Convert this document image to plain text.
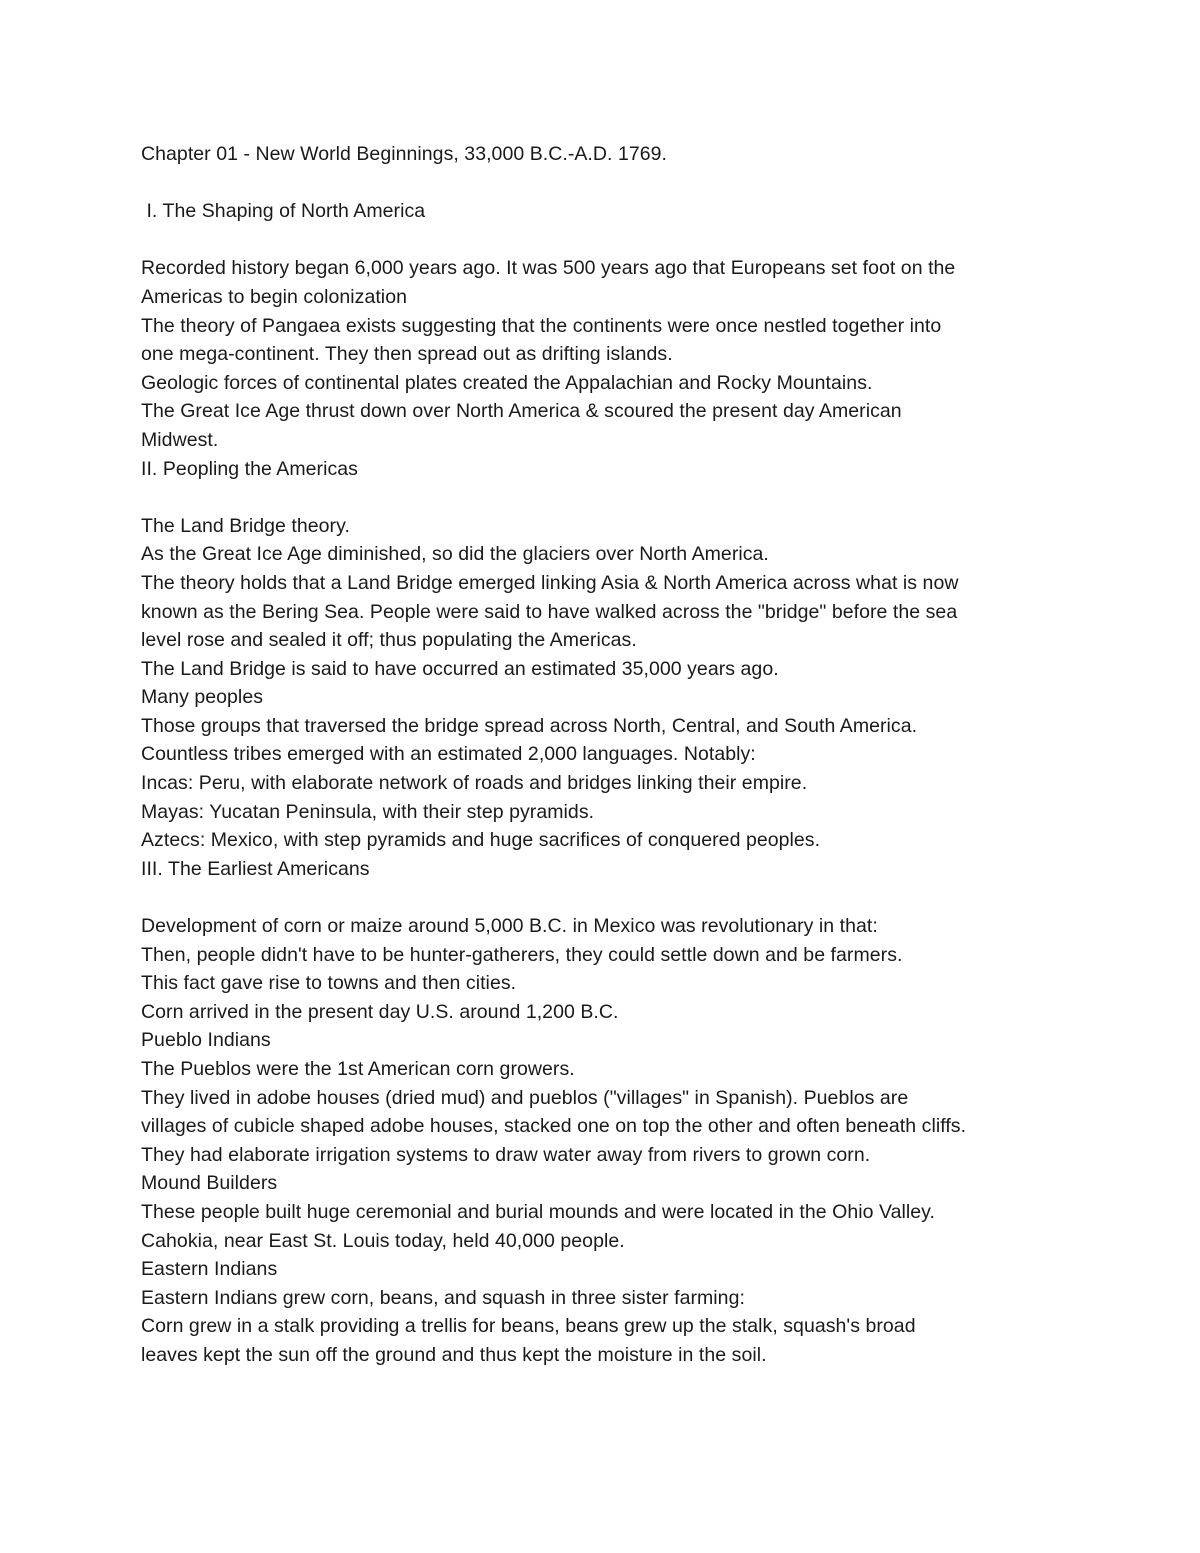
Chapter 01 - New World Beginnings, 33,000 B.C.-A.D. 1769.
I. The Shaping of North America
Recorded history began 6,000 years ago. It was 500 years ago that Europeans set foot on the
Americas to begin colonization
The theory of Pangaea exists suggesting that the continents were once nestled together into
one mega-continent. They then spread out as drifting islands.
Geologic forces of continental plates created the Appalachian and Rocky Mountains.
The Great Ice Age thrust down over North America & scoured the present day American
Midwest.
II. Peopling the Americas
The Land Bridge theory.
As the Great Ice Age diminished, so did the glaciers over North America.
The theory holds that a Land Bridge emerged linking Asia & North America across what is now
known as the Bering Sea. People were said to have walked across the "bridge" before the sea
level rose and sealed it off; thus populating the Americas.
The Land Bridge is said to have occurred an estimated 35,000 years ago.
Many peoples
Those groups that traversed the bridge spread across North, Central, and South America.
Countless tribes emerged with an estimated 2,000 languages. Notably:
Incas: Peru, with elaborate network of roads and bridges linking their empire.
Mayas: Yucatan Peninsula, with their step pyramids.
Aztecs: Mexico, with step pyramids and huge sacrifices of conquered peoples.
III. The Earliest Americans
Development of corn or maize around 5,000 B.C. in Mexico was revolutionary in that:
Then, people didn't have to be hunter-gatherers, they could settle down and be farmers.
This fact gave rise to towns and then cities.
Corn arrived in the present day U.S. around 1,200 B.C.
Pueblo Indians
The Pueblos were the 1st American corn growers.
They lived in adobe houses (dried mud) and pueblos ("villages" in Spanish). Pueblos are
villages of cubicle shaped adobe houses, stacked one on top the other and often beneath cliffs.
They had elaborate irrigation systems to draw water away from rivers to grown corn.
Mound Builders
These people built huge ceremonial and burial mounds and were located in the Ohio Valley.
Cahokia, near East St. Louis today, held 40,000 people.
Eastern Indians
Eastern Indians grew corn, beans, and squash in three sister farming:
Corn grew in a stalk providing a trellis for beans, beans grew up the stalk, squash's broad
leaves kept the sun off the ground and thus kept the moisture in the soil.
